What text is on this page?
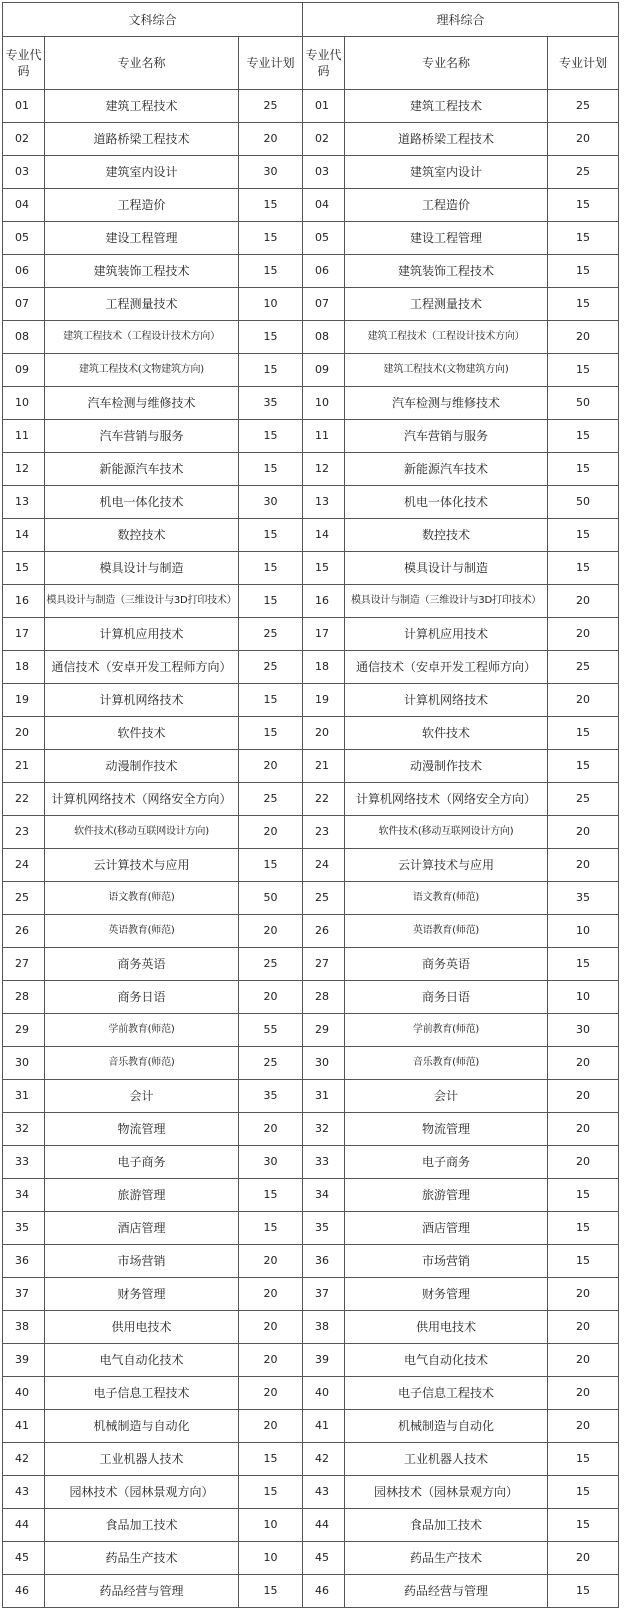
文科综合			理科综合		
专业代码	专业名称	专业计划	专业代码	专业名称	专业计划
01	建筑工程技术	25	01	建筑工程技术	25
02	道路桥梁工程技术	20	02	道路桥梁工程技术	20
03	建筑室内设计	30	03	建筑室内设计	25
04	工程造价	15	04	工程造价	15
05	建设工程管理	15	05	建设工程管理	15
06	建筑装饰工程技术	15	06	建筑装饰工程技术	15
07	工程测量技术	10	07	工程测量技术	15
08	建筑工程技术（工程设计技术方向）	15	08	建筑工程技术（工程设计技术方向）	20
09	建筑工程技术(文物建筑方向)	15	09	建筑工程技术(文物建筑方向)	15
10	汽车检测与维修技术	35	10	汽车检测与维修技术	50
11	汽车营销与服务	15	11	汽车营销与服务	15
12	新能源汽车技术	15	12	新能源汽车技术	15
13	机电一体化技术	30	13	机电一体化技术	50
14	数控技术	15	14	数控技术	15
15	模具设计与制造	15	15	模具设计与制造	15
16	模具设计与制造（三维设计与3D打印技术）	15	16	模具设计与制造（三维设计与3D打印技术）	20
17	计算机应用技术	25	17	计算机应用技术	20
18	通信技术（安卓开发工程师方向）	25	18	通信技术（安卓开发工程师方向）	25
19	计算机网络技术	15	19	计算机网络技术	20
20	软件技术	15	20	软件技术	15
21	动漫制作技术	20	21	动漫制作技术	15
22	计算机网络技术（网络安全方向）	25	22	计算机网络技术（网络安全方向）	25
23	软件技术(移动互联网设计方向)	20	23	软件技术(移动互联网设计方向)	20
24	云计算技术与应用	15	24	云计算技术与应用	20
25	语文教育(师范)	50	25	语文教育(师范)	35
26	英语教育(师范)	20	26	英语教育(师范)	10
27	商务英语	25	27	商务英语	15
28	商务日语	20	28	商务日语	10
29	学前教育(师范)	55	29	学前教育(师范)	30
30	音乐教育(师范)	25	30	音乐教育(师范)	20
31	会计	35	31	会计	20
32	物流管理	20	32	物流管理	20
33	电子商务	30	33	电子商务	20
34	旅游管理	15	34	旅游管理	15
35	酒店管理	15	35	酒店管理	15
36	市场营销	20	36	市场营销	15
37	财务管理	20	37	财务管理	20
38	供用电技术	20	38	供用电技术	20
39	电气自动化技术	20	39	电气自动化技术	20
40	电子信息工程技术	20	40	电子信息工程技术	20
41	机械制造与自动化	20	41	机械制造与自动化	20
42	工业机器人技术	15	42	工业机器人技术	15
43	园林技术（园林景观方向）	15	43	园林技术（园林景观方向）	15
44	食品加工技术	10	44	食品加工技术	15
45	药品生产技术	10	45	药品生产技术	20
46	药品经营与管理	15	46	药品经营与管理	15
